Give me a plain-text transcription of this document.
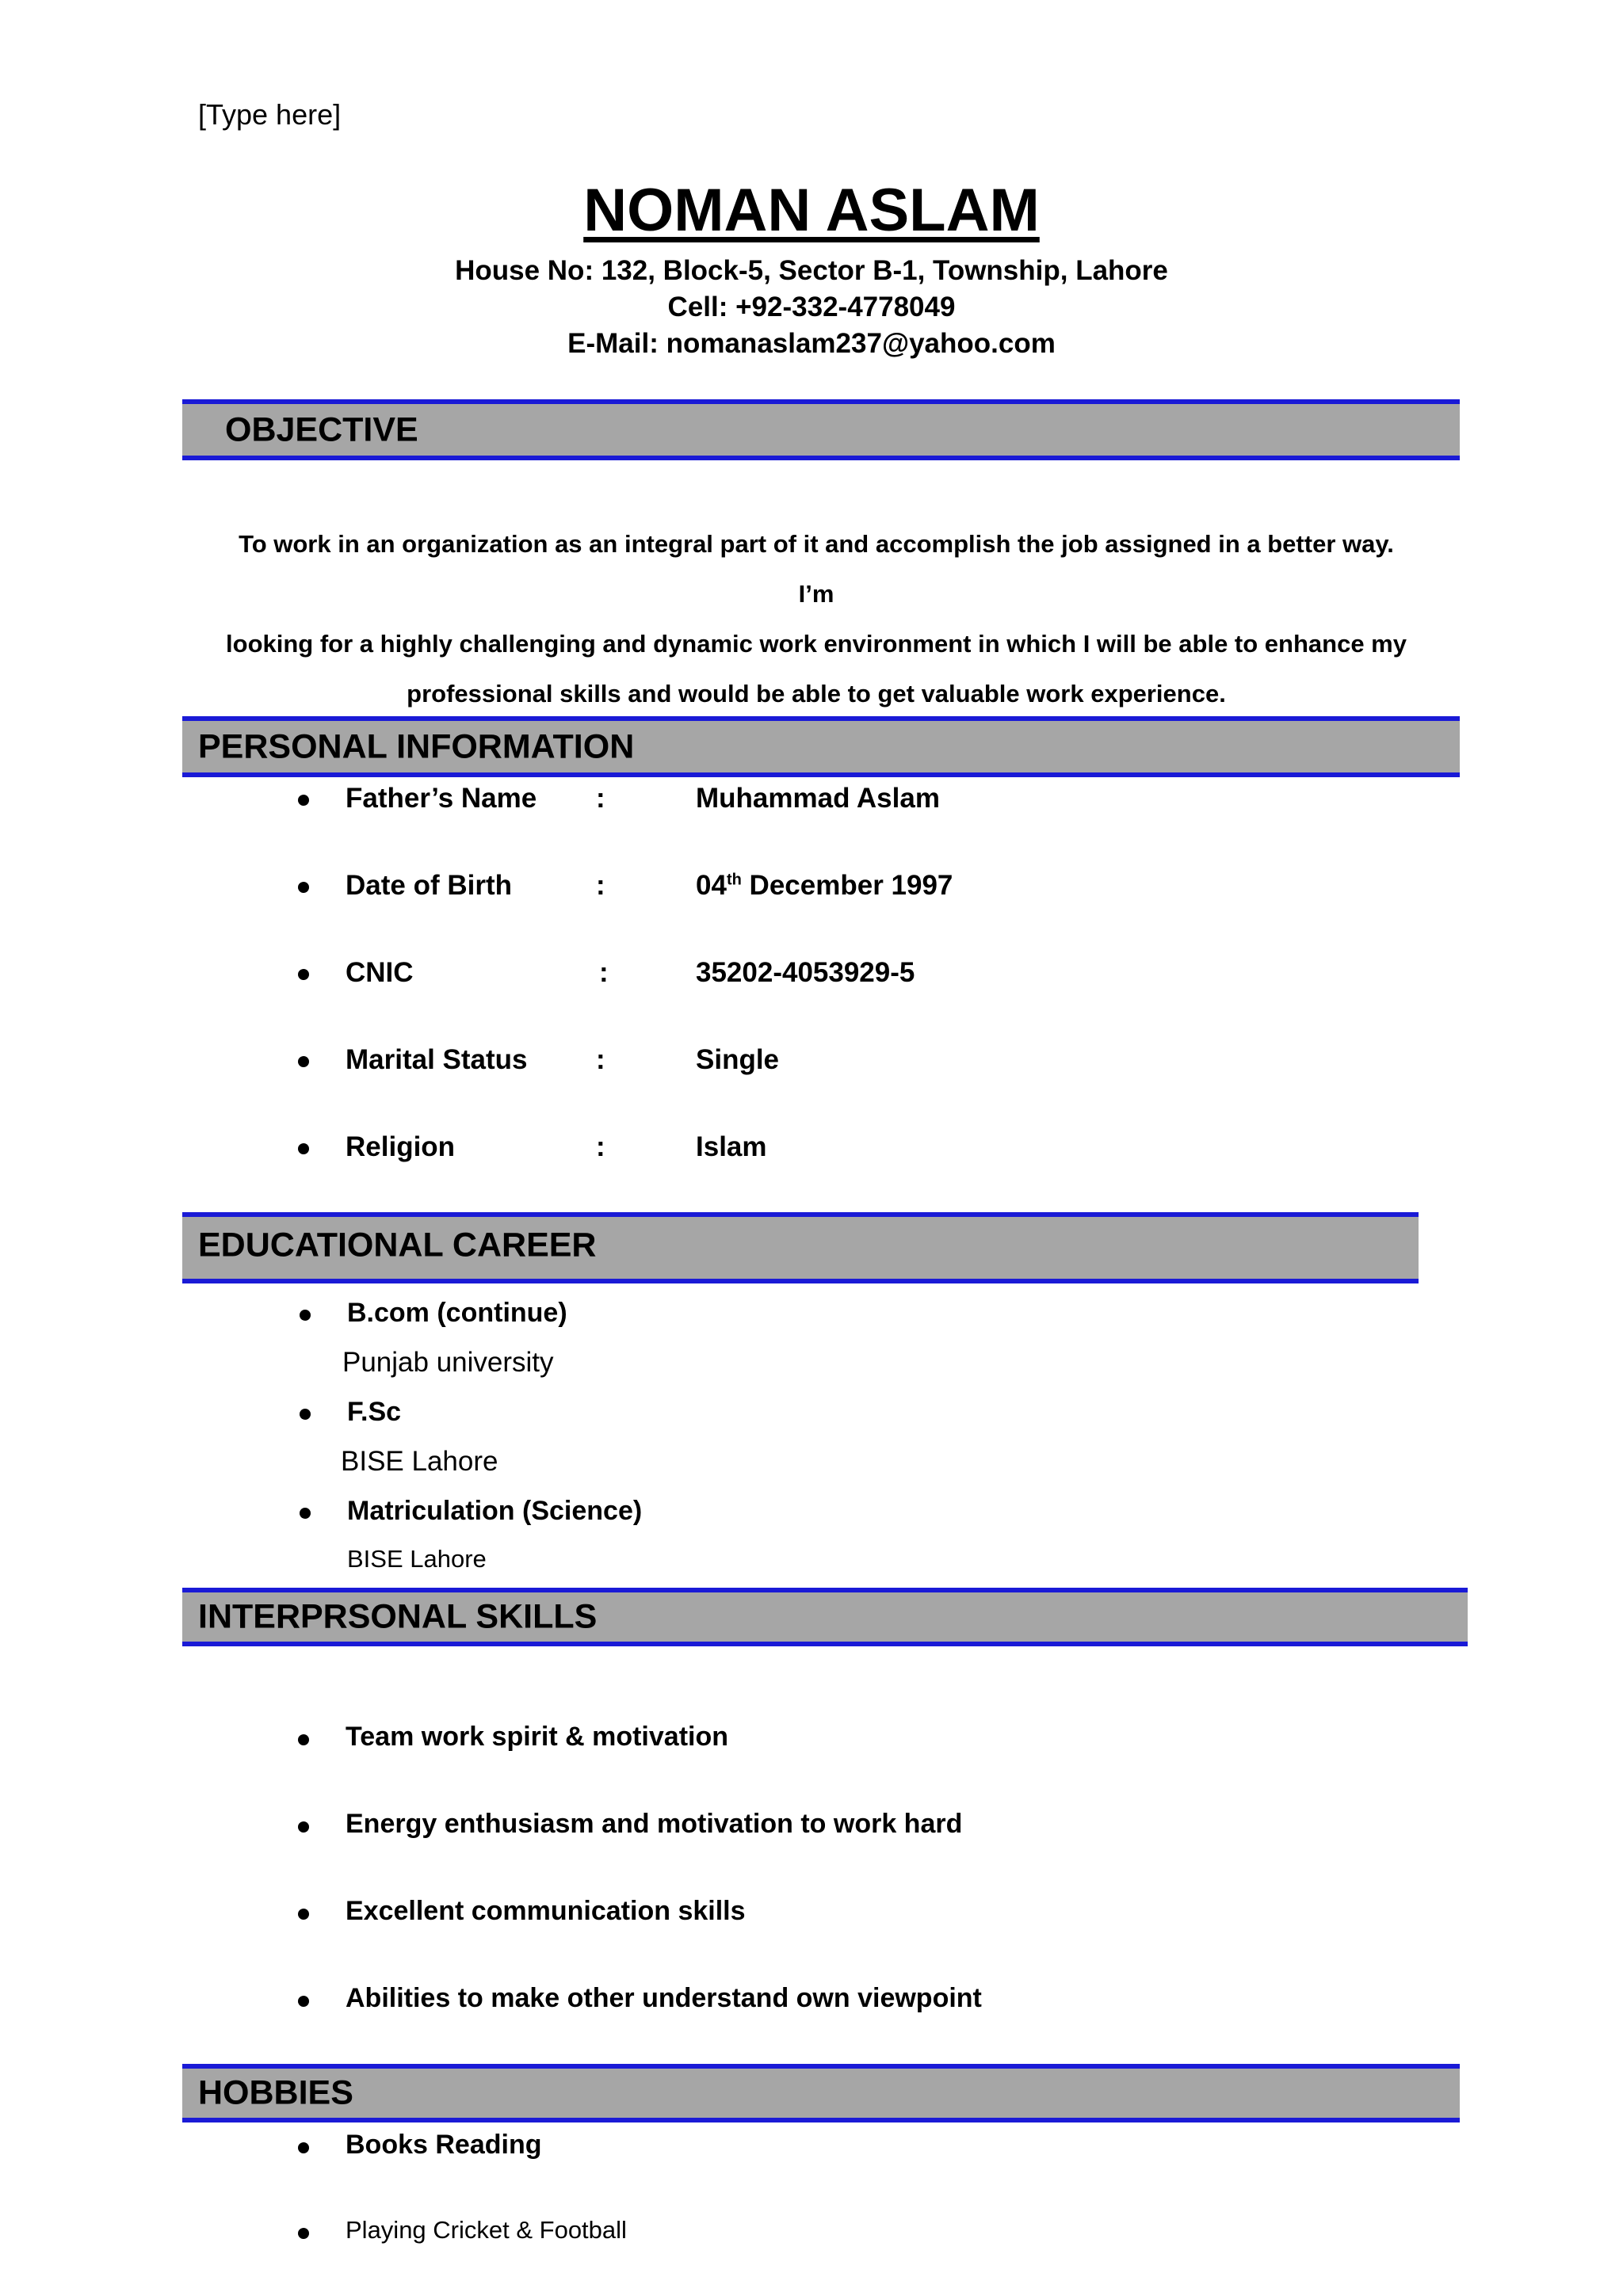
[Type here]
NOMAN ASLAM
House No: 132, Block-5, Sector B-1, Township, Lahore
Cell: +92-332-4778049
E-Mail: nomanaslam237@yahoo.com
OBJECTIVE
To work in an organization as an integral part of it and accomplish the job assigned in a better way. I’m
looking for a highly challenging and dynamic work environment in which I will be able to enhance my
professional skills and would be able to get valuable work experience.
PERSONAL INFORMATION
Father’s Name :	Muhammad Aslam
Date of Birth	:	04th December 1997
CNIC	:	35202-4053929-5
Marital Status :	Single
Religion	:	Islam
EDUCATIONAL CAREER
B.com (continue)
Punjab university
F.Sc
BISE Lahore
Matriculation (Science)
BISE Lahore
INTERPRSONAL SKILLS
Team work spirit & motivation
Energy enthusiasm and motivation to work hard
Excellent communication skills
Abilities to make other understand own viewpoint
HOBBIES
Books Reading
Playing Cricket & Football
